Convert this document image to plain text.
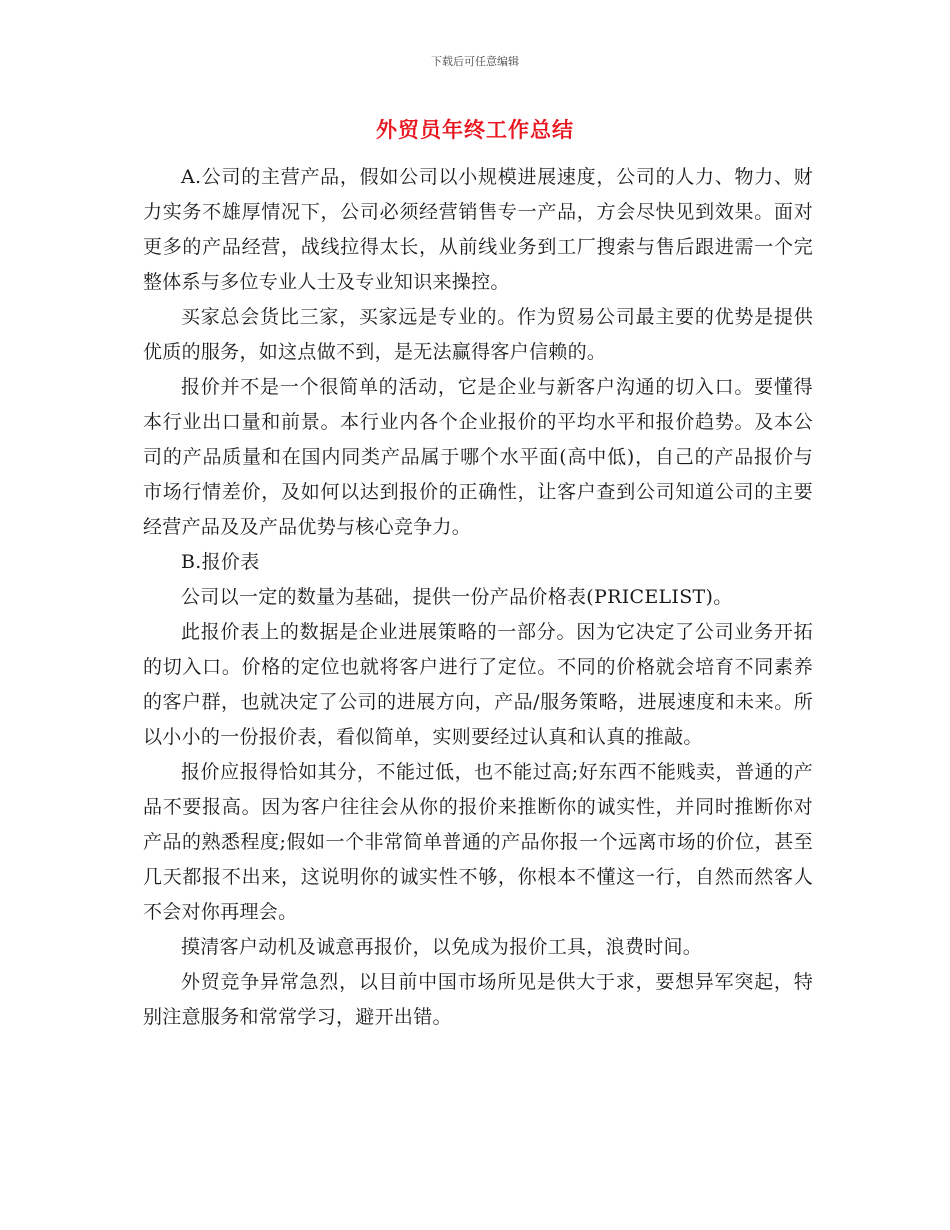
下载后可任意编辑
外贸员年终工作总结

A.公司的主营产品，假如公司以小规模进展速度，公司的人力、物力、财力实务不雄厚情况下，公司必须经营销售专一产品，方会尽快见到效果。面对更多的产品经营，战线拉得太长，从前线业务到工厂搜索与售后跟进需一个完整体系与多位专业人士及专业知识来操控。

买家总会货比三家，买家远是专业的。作为贸易公司最主要的优势是提供优质的服务，如这点做不到，是无法赢得客户信赖的。

报价并不是一个很简单的活动，它是企业与新客户沟通的切入口。要懂得本行业出口量和前景。本行业内各个企业报价的平均水平和报价趋势。及本公司的产品质量和在国内同类产品属于哪个水平面(高中低)，自己的产品报价与市场行情差价，及如何以达到报价的正确性，让客户查到公司知道公司的主要经营产品及及产品优势与核心竞争力。

B.报价表

公司以一定的数量为基础，提供一份产品价格表(PRICELIST)。

此报价表上的数据是企业进展策略的一部分。因为它决定了公司业务开拓的切入口。价格的定位也就将客户进行了定位。不同的价格就会培育不同素养的客户群，也就决定了公司的进展方向，产品/服务策略，进展速度和未来。所以小小的一份报价表，看似简单，实则要经过认真和认真的推敲。

报价应报得恰如其分，不能过低，也不能过高;好东西不能贱卖，普通的产品不要报高。因为客户往往会从你的报价来推断你的诚实性，并同时推断你对产品的熟悉程度;假如一个非常简单普通的产品你报一个远离市场的价位，甚至几天都报不出来，这说明你的诚实性不够，你根本不懂这一行，自然而然客人不会对你再理会。

摸清客户动机及诚意再报价，以免成为报价工具，浪费时间。

外贸竞争异常急烈，以目前中国市场所见是供大于求，要想异军突起，特别注意服务和常常学习，避开出错。
